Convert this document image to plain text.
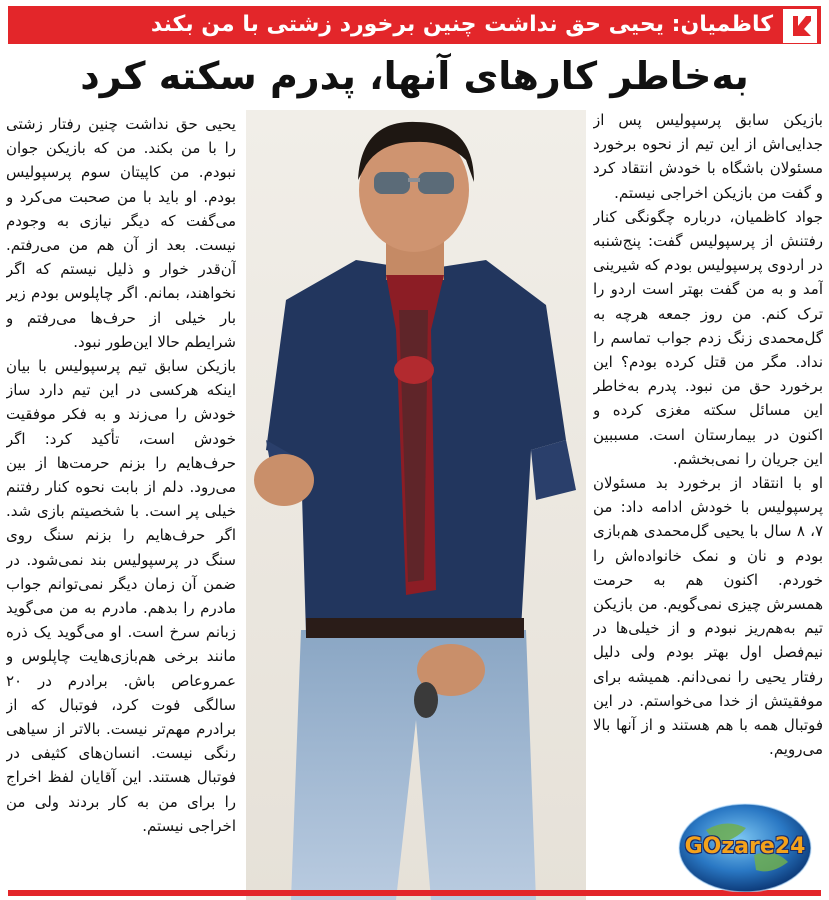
کاظمیان: یحیی حق نداشت چنین برخورد زشتی با من بکند
به‌خاطر کارهای آنها، پدرم سکته کرد

بازیکن سابق پرسپولیس پس از جدایی‌اش از این تیم از نحوه برخورد مسئولان باشگاه با خودش انتقاد کرد و گفت من بازیکن اخراجی نیستم.

جواد کاظمیان، درباره چگونگی کنار رفتنش از پرسپولیس گفت: پنج‌شنبه در اردوی پرسپولیس بودم که شیرینی آمد و به من گفت بهتر است اردو را ترک کنم. من روز جمعه هرچه به گل‌محمدی زنگ زدم جواب تماسم را نداد. مگر من قتل کرده بودم؟ این برخورد حق من نبود. پدرم به‌خاطر این مسائل سکته مغزی کرده و اکنون در بیمارستان است. مسببین این جریان را نمی‌بخشم.

او با انتقاد از برخورد بد مسئولان پرسپولیس با خودش ادامه داد: من ۷، ۸ سال با یحیی گل‌محمدی هم‌بازی بودم و نان و نمک خانواده‌اش را خوردم. اکنون هم به حرمت همسرش چیزی نمی‌گویم. من بازیکن تیم به‌هم‌ریز نبودم و از خیلی‌ها در نیم‌فصل اول بهتر بودم ولی دلیل رفتار یحیی را نمی‌دانم. همیشه برای موفقیتش از خدا می‌خواستم. در این فوتبال همه با هم هستند و از آنها بالا می‌رویم.

یحیی حق نداشت چنین رفتار زشتی را با من بکند. من که بازیکن جوان نبودم. من کاپیتان سوم پرسپولیس بودم. او باید با من صحبت می‌کرد و می‌گفت که دیگر نیازی به وجودم نیست. بعد از آن هم من می‌رفتم. آن‌قدر خوار و ذلیل نیستم که اگر نخواهند، بمانم. اگر چاپلوس بودم زیر بار خیلی از حرف‌ها می‌رفتم و شرایطم حالا این‌طور نبود.

بازیکن سابق تیم پرسپولیس با بیان اینکه هرکسی در این تیم دارد ساز خودش را می‌زند و به فکر موفقیت خودش است، تأکید کرد: اگر حرف‌هایم را بزنم حرمت‌ها از بین می‌رود. دلم از بابت نحوه کنار رفتنم خیلی پر است. با شخصیتم بازی شد. اگر حرف‌هایم را بزنم سنگ روی سنگ در پرسپولیس بند نمی‌شود. در ضمن آن زمان دیگر نمی‌توانم جواب مادرم را بدهم. مادرم به من می‌گوید زبانم سرخ است. او می‌گوید یک ذره مانند برخی هم‌بازی‌هایت چاپلوس و عمروعاص باش. برادرم در ۲۰ سالگی فوت کرد، فوتبال که از برادرم مهم‌تر نیست. بالاتر از سیاهی رنگی نیست. انسان‌های کثیفی در فوتبال هستند. این آقایان لفظ اخراج را برای من به کار بردند ولی من اخراجی نیستم.

GOzare24
